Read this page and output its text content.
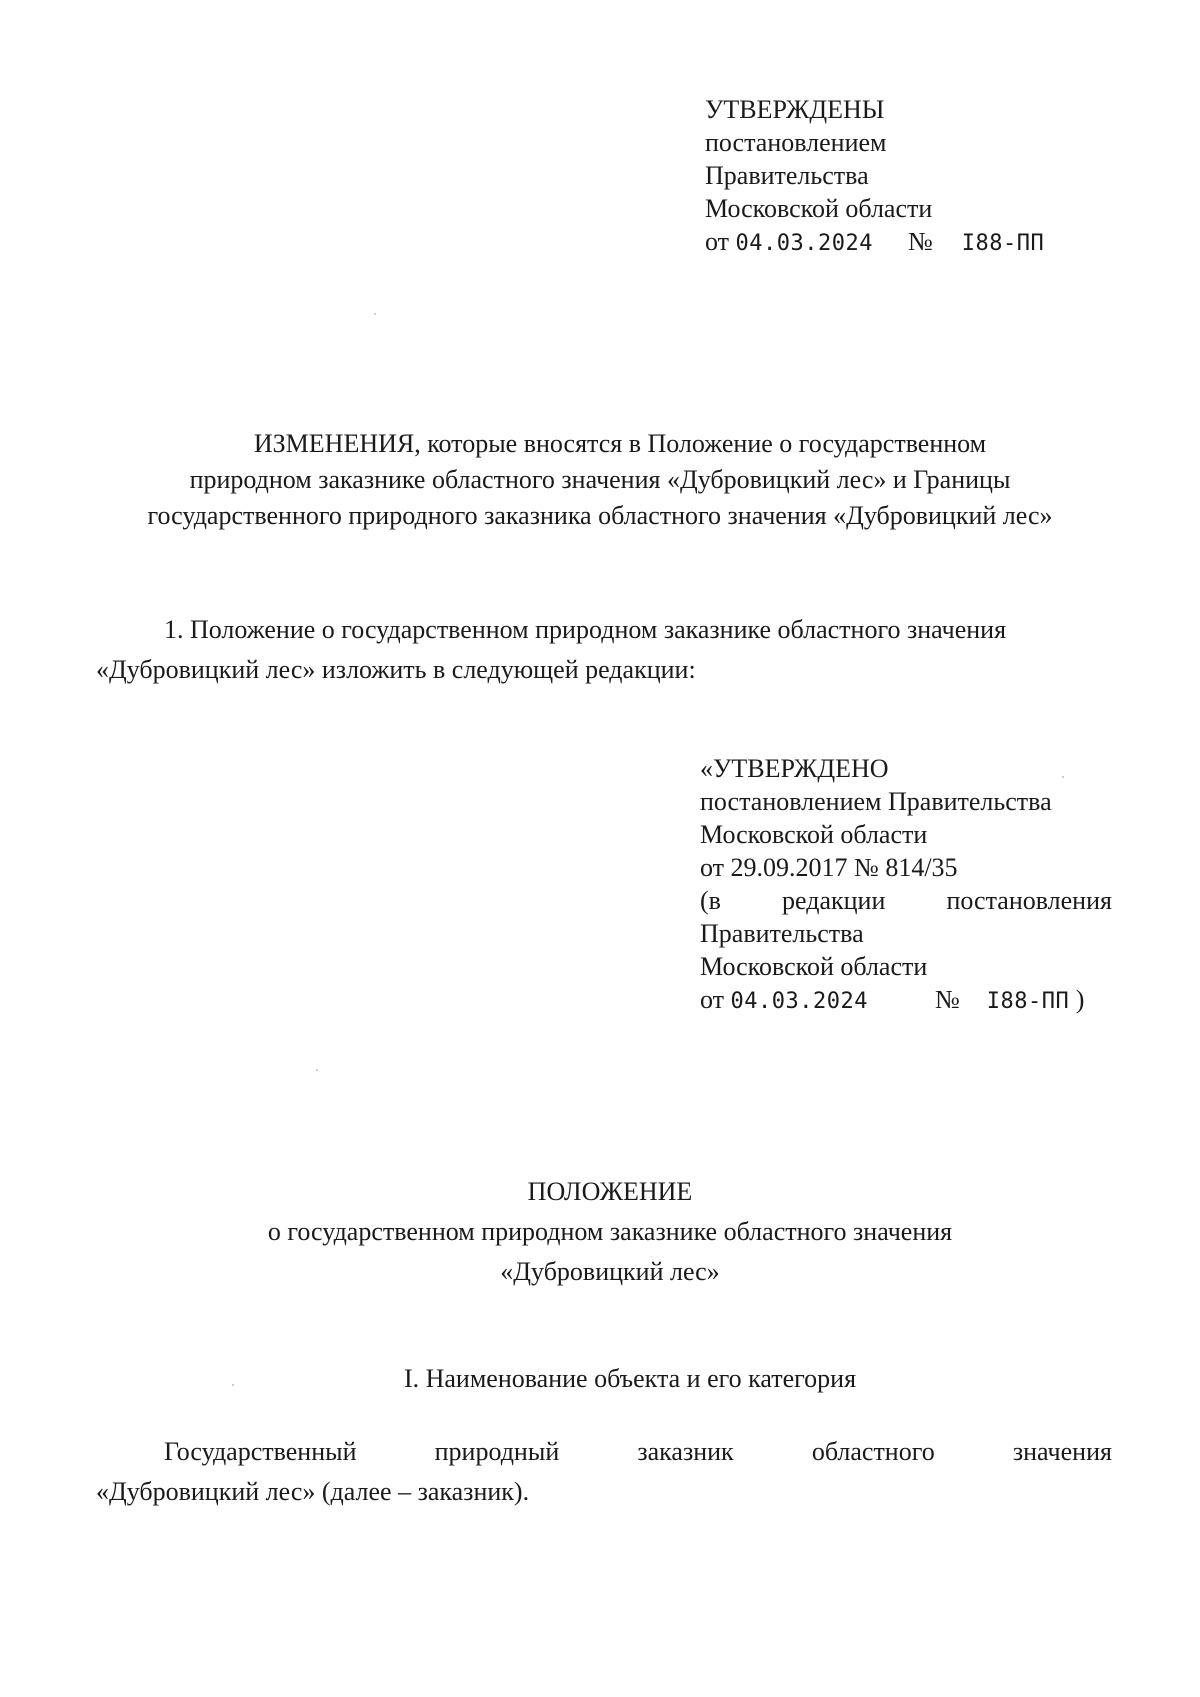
УТВЕРЖДЕНЫ
постановлением
Правительства
Московской области
от 04.03.2024 № I88-ПП
ИЗМЕНЕНИЯ, которые вносятся в Положение о государственном
природном заказнике областного значения «Дубровицкий лес» и Границы
государственного природного заказника областного значения «Дубровицкий лес»
1. Положение о государственном природном заказнике областного значения
«Дубровицкий лес» изложить в следующей редакции:
«УТВЕРЖДЕНО
постановлением Правительства
Московской области
от 29.09.2017 № 814/35
(в редакции постановления
Правительства
Московской области
от 04.03.2024	№ I88-ПП )
ПОЛОЖЕНИЕ
о государственном природном заказнике областного значения
«Дубровицкий лес»
I. Наименование объекта и его категория
Государственный	природный	заказник	областного	значения
«Дубровицкий лес» (далее – заказник).
